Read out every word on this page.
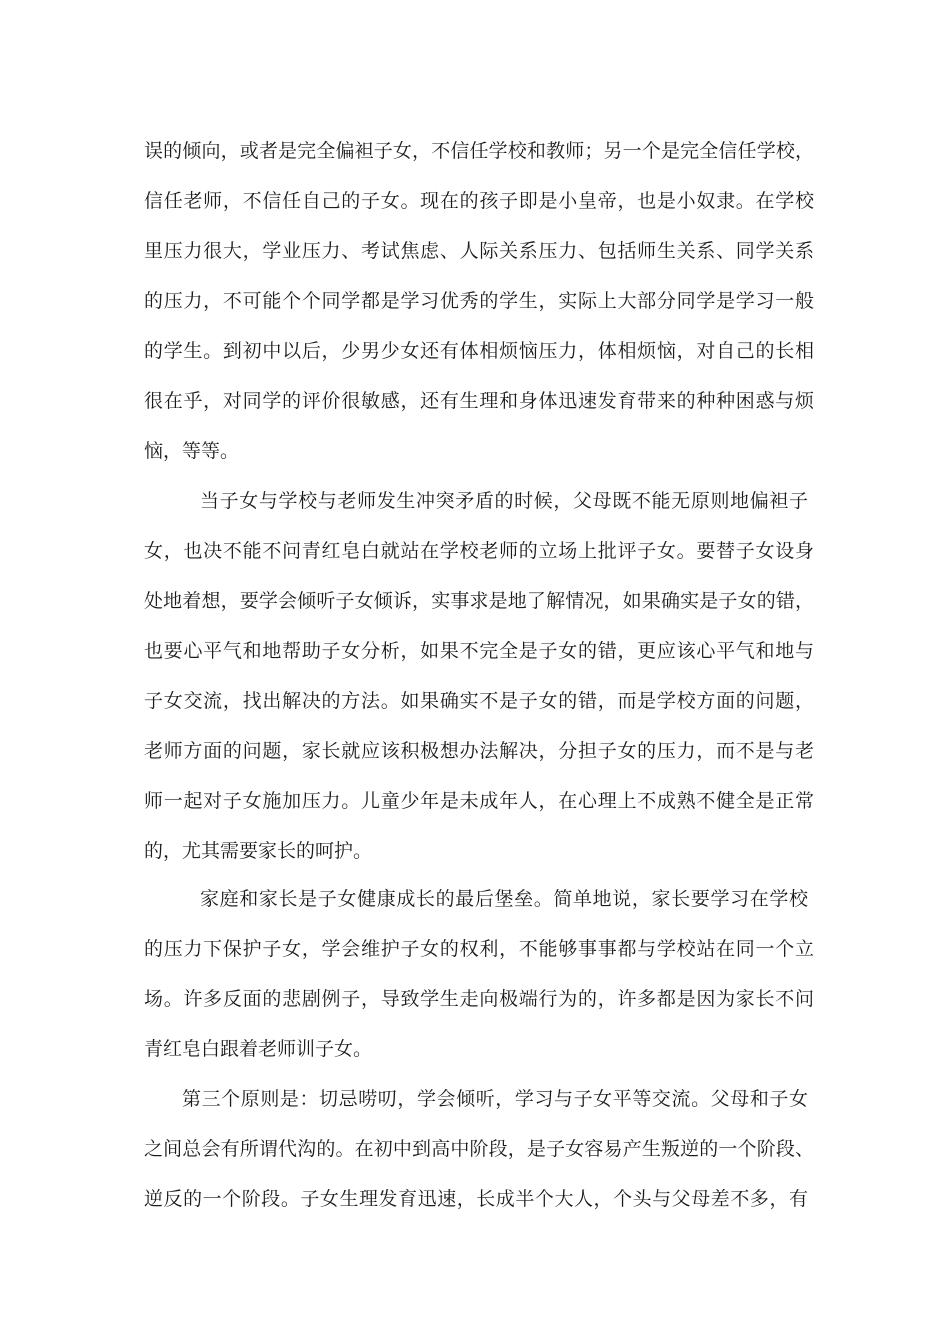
误的倾向，或者是完全偏袒子女，不信任学校和教师；另一个是完全信任学校，
信任老师，不信任自己的子女。现在的孩子即是小皇帝，也是小奴隶。在学校
里压力很大，学业压力、考试焦虑、人际关系压力、包括师生关系、同学关系
的压力，不可能个个同学都是学习优秀的学生，实际上大部分同学是学习一般
的学生。到初中以后，少男少女还有体相烦恼压力，体相烦恼，对自己的长相
很在乎，对同学的评价很敏感，还有生理和身体迅速发育带来的种种困惑与烦
恼，等等。
当子女与学校与老师发生冲突矛盾的时候，父母既不能无原则地偏袒子
女，也决不能不问青红皂白就站在学校老师的立场上批评子女。要替子女设身
处地着想，要学会倾听子女倾诉，实事求是地了解情况，如果确实是子女的错，
也要心平气和地帮助子女分析，如果不完全是子女的错，更应该心平气和地与
子女交流，找出解决的方法。如果确实不是子女的错，而是学校方面的问题，
老师方面的问题，家长就应该积极想办法解决，分担子女的压力，而不是与老
师一起对子女施加压力。儿童少年是未成年人，在心理上不成熟不健全是正常
的，尤其需要家长的呵护。
家庭和家长是子女健康成长的最后堡垒。简单地说，家长要学习在学校
的压力下保护子女，学会维护子女的权利，不能够事事都与学校站在同一个立
场。许多反面的悲剧例子，导致学生走向极端行为的，许多都是因为家长不问
青红皂白跟着老师训子女。
第三个原则是：切忌唠叨，学会倾听，学习与子女平等交流。父母和子女
之间总会有所谓代沟的。在初中到高中阶段，是子女容易产生叛逆的一个阶段、
逆反的一个阶段。子女生理发育迅速，长成半个大人，个头与父母差不多，有
